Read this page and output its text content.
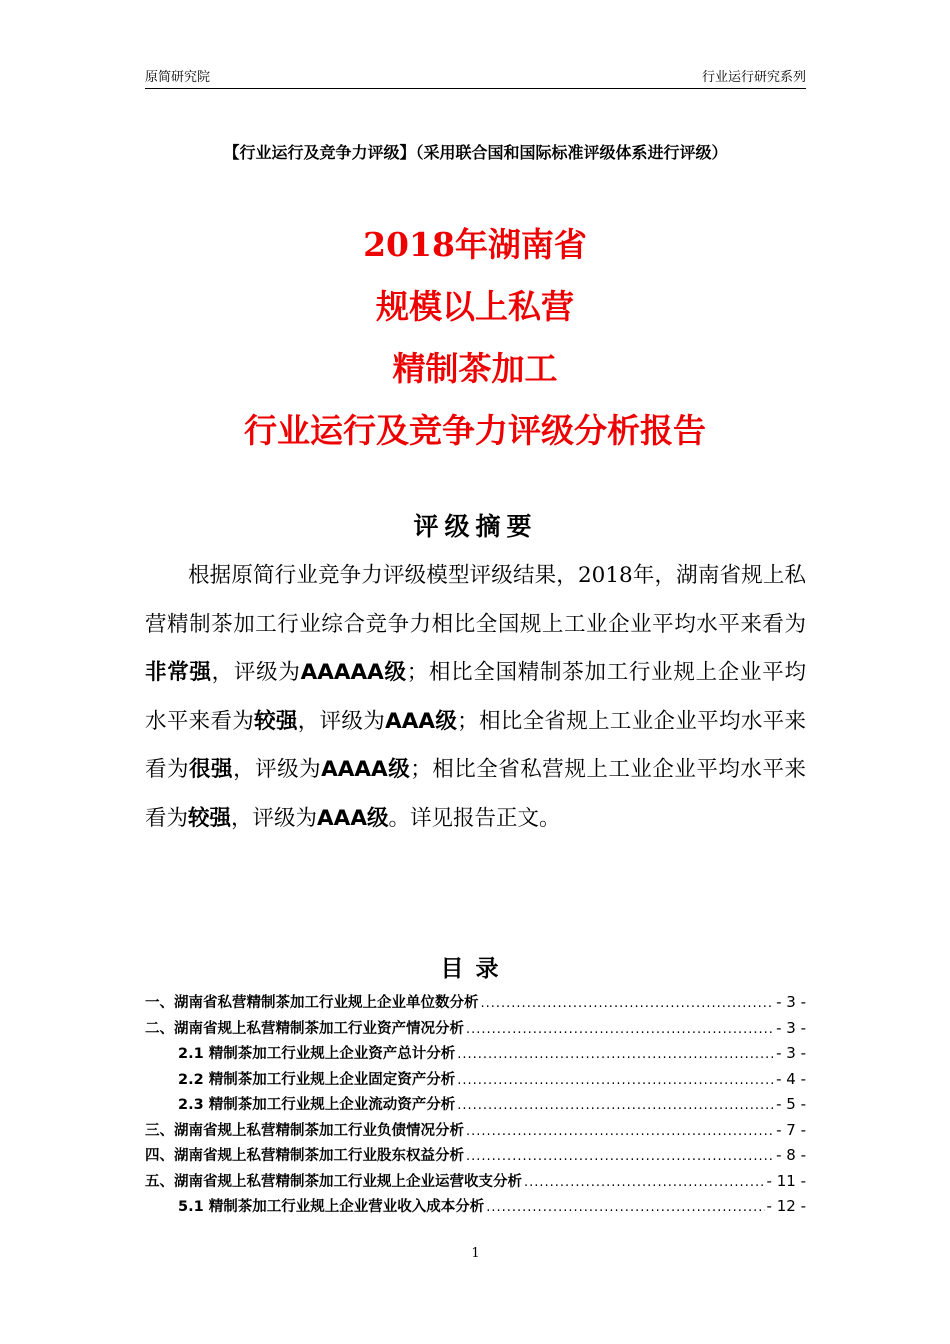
原简研究院	行业运行研究系列
【行业运行及竞争力评级】（采用联合国和国际标准评级体系进行评级）
2018年湖南省
规模以上私营
精制茶加工
行业运行及竞争力评级分析报告
评级摘要
根据原简行业竞争力评级模型评级结果，2018年，湖南省规上私营精制茶加工行业综合竞争力相比全国规上工业企业平均水平来看为非常强，评级为AAAAA级；相比全国精制茶加工行业规上企业平均水平来看为较强，评级为AAA级；相比全省规上工业企业平均水平来看为很强，评级为AAAA级；相比全省私营规上工业企业平均水平来看为较强，评级为AAA级。详见报告正文。
目录
一、湖南省私营精制茶加工行业规上企业单位数分析 .....	- 3 -
二、湖南省规上私营精制茶加工行业资产情况分析 .....	- 3 -
2.1 精制茶加工行业规上企业资产总计分析 .....	- 3 -
2.2 精制茶加工行业规上企业固定资产分析 .....	- 4 -
2.3 精制茶加工行业规上企业流动资产分析 .....	- 5 -
三、湖南省规上私营精制茶加工行业负债情况分析 .....	- 7 -
四、湖南省规上私营精制茶加工行业股东权益分析 .....	- 8 -
五、湖南省规上私营精制茶加工行业规上企业运营收支分析 .....	- 11 -
5.1 精制茶加工行业规上企业营业收入成本分析 .....	- 12 -
1
